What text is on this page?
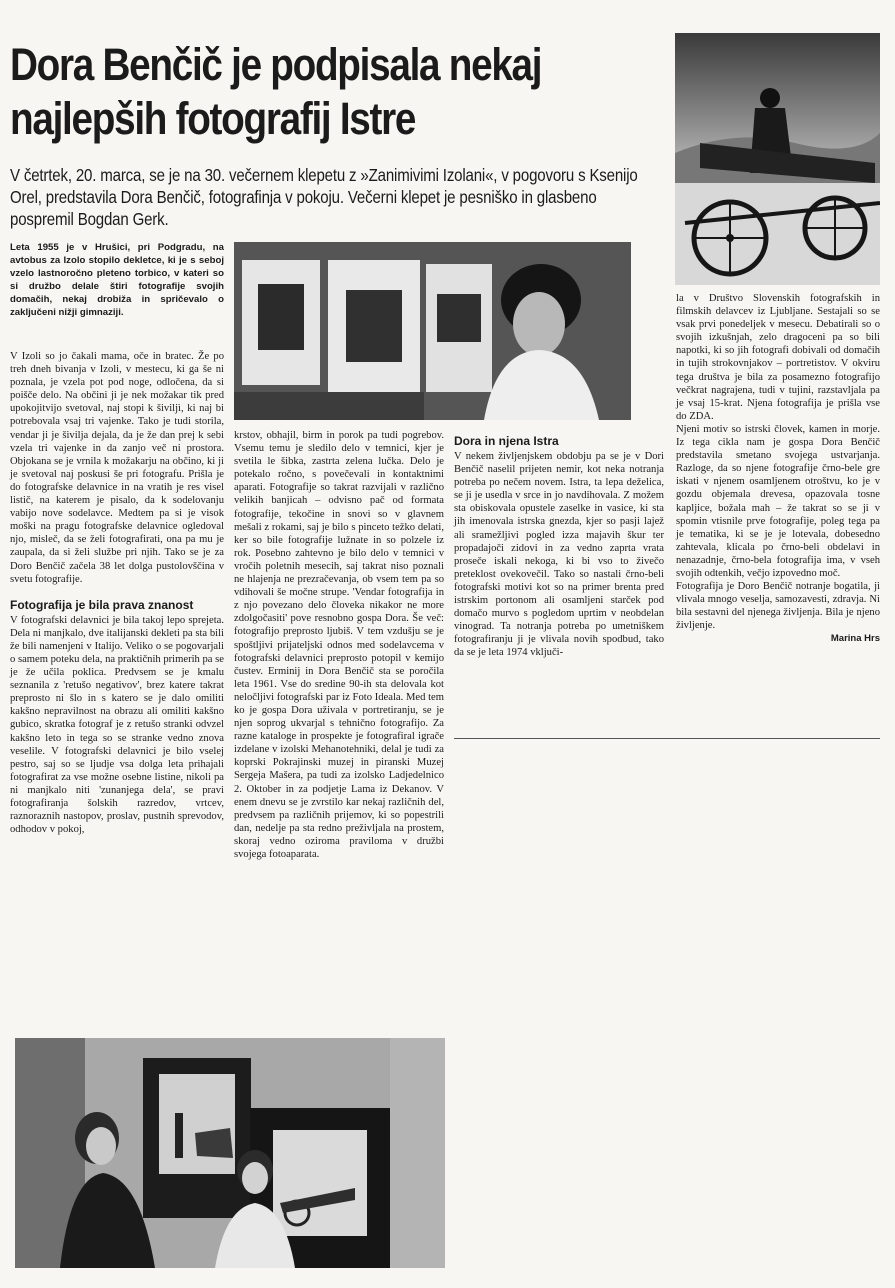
Dora Benčič je podpisala nekaj
najlepših fotografij Istre

V četrtek, 20. marca, se je na 30. večernem klepetu z »Zanimivimi Izolani«, v pogovoru s Ksenijo Orel, predstavila Dora Benčič, fotografinja v pokoju. Večerni klepet je pesniško in glasbeno pospremil Bogdan Gerk.

Leta 1955 je v Hrušici, pri Podgradu, na avtobus za Izolo stopilo dekletce, ki je s seboj vzelo lastnoročno pleteno torbico, v kateri so si družbo delale štiri fotografije svojih domačih, nekaj drobiža in spričevalo o zaključeni nižji gimnaziji.

V Izoli so jo čakali mama, oče in bratec. Že po treh dneh bivanja v Izoli, v mestecu, ki ga še ni poznala, je vzela pot pod noge, odločena, da si poišče delo. Na občini ji je nek možakar tik pred upokojitvijo svetoval, naj stopi k šiviljì, ki naj bi potrebovala vsaj tri vajenke. Tako je tudi storila, vendar ji je šivilja dejala, da je že dan prej k sebi vzela tri vajenke in da zanjo več ni prostora. Objokana se je vrnila k možakarju na občino, ki ji je svetoval naj poskusi še pri fotografu. Prišla je do fotografske delavnice in na vratih je res visel listič, na katerem je pisalo, da k sodelovanju vabijo nove sodelavce. Medtem pa si je visok moški na pragu fotografske delavnice ogledoval njo, misleč, da se želi fotografirati, ona pa mu je zaupala, da si želi službe pri njih. Tako se je za Doro Benčič začela 38 let dolga pustolovščina v svetu fotografije.

Fotografija je bila prava znanost

V fotografski delavnici je bila takoj lepo sprejeta. Dela ni manjkalo, dve italijanski dekleti pa sta bili že bili namenjeni v Italijo. Veliko o se pogovarjali o samem poteku dela, na praktičnih primerih pa se je že učila poklica. Predvsem se je kmalu seznanila z 'retušo negativov', brez katere takrat preprosto ni šlo in s katero se je dalo omiliti kakšno nepravilnost na obrazu ali omiliti kakšno gubico, skratka fotograf je z retušo stranki odvzel kakšno leto in tega so se stranke vedno znova veselile. V fotografski delavnici je bilo vselej pestro, saj so se ljudje vsa dolga leta prihajali fotografirat za vse možne osebne listine, nikoli pa ni manjkalo niti 'zunanjega dela', se pravi fotografiranja šolskih razredov, vrtcev, raznoraznih nastopov, proslav, pustnih sprevodov, odhodov v pokoj,

krstov, obhajil, birm in porok pa tudi pogrebov. Vsemu temu je sledilo delo v temnici, kjer je svetila le šibka, zastrta zelena lučka. Delo je potekalo ročno, s povečevali in kontaktnimi aparati. Fotografije so takrat razvijali v različno velikih banjicah – odvisno pač od formata fotografije, tekočine in snovi so v glavnem mešali z rokami, saj je bilo s pinceto težko delati, ker so bile fotografije lužnate in so polzele iz rok. Posebno zahtevno je bilo delo v temnici v vročih poletnih mesecih, saj takrat niso poznali ne hlajenja ne prezračevanja, ob vsem tem pa so vdihovali še močne strupe. 'Vendar fotografija in z njo povezano delo človeka nikakor ne more zdolgočasiti' pove resnobno gospa Dora. Še več: fotografijo preprosto ljubiš. V tem vzdušju se je spoštljivi prijateljski odnos med sodelavcema v fotografski delavnici preprosto potopil v kemijo čustev. Erminij in Dora Benčič sta se poročila leta 1961. Vse do sredine 90-ih sta delovala kot neločljivi fotografski par iz Foto Ideala. Med tem ko je gospa Dora uživala v portretiranju, se je njen soprog ukvarjal s tehnično fotografijo. Za razne kataloge in prospekte je fotografiral igrače izdelane v izolski Mehanotehniki, delal je tudi za koprski Pokrajinski muzej in piranski Muzej Sergeja Mašera, pa tudi za izolsko Ladjedelnico 2. Oktober in za podjetje Lama iz Dekanov. V enem dnevu se je zvrstilo kar nekaj različnih del, predvsem pa različnih prijemov, ki so popestrili dan, nedelje pa sta redno preživljala na prostem, skoraj vedno oziroma praviloma v družbi svojega fotoaparata.

Dora in njena Istra

V nekem življenjskem obdobju pa se je v Dori Benčič naselil prijeten nemir, kot neka notranja potreba po nečem novem. Istra, ta lepa deželica, se ji je usedla v srce in jo navdihovala. Z možem sta obiskovala opustele zaselke in vasice, ki sta jih imenovala istrska gnezda, kjer so pasji lajež ali sramežljivi pogled izza majavih škur ter propadajoči zidovi in za vedno zaprta vrata proseče iskali nekoga, ki bi vso to živečo preteklost ovekovečil. Tako so nastali črno-beli fotografski motivi kot so na primer brenta pred istrskim portonom ali osamljeni starček pod domačo murvo s pogledom uprtim v neobdelan vinograd. Ta notranja potreba po umetniškem fotografiranju ji je vlivala novih spodbud, tako da se je leta 1974 vključi-

la v Društvo Slovenskih fotografskih in filmskih delavcev iz Ljubljane. Sestajali so se vsak prvi ponedeljek v mesecu. Debatirali so o svojih izkušnjah, zelo dragoceni pa so bili napotki, ki so jih fotografi dobivali od domačih in tujih strokovnjakov – portretistov. V okviru tega društva je bila za posamezno fotografijo večkrat nagrajena, tudi v tujini, razstavljala pa je vsaj 15-krat. Njena fotografija je prišla vse do ZDA.

Njeni motiv so istrski človek, kamen in morje. Iz tega cikla nam je gospa Dora Benčič predstavila smetano svojega ustvarjanja. Razloge, da so njene fotografije črno-bele gre iskati v njenem osamljenem otroštvu, ko je v gozdu objemala drevesa, opazovala tosne kapljice, božala mah – že takrat so se ji v spomin vtisnile prve fotografije, poleg tega pa je tematika, ki se je je lotevala, dobesedno zahtevala, klicala po črno-beli obdelavi in nenazadnje, črno-bela fotografija ima, v vseh svojih odtenkih, večjo izpovedno moč.

Fotografija je Doro Benčič notranje bogatila, ji vlivala mnogo veselja, samozavesti, zdravja. Ni bila sestavni del njenega življenja. Bila je njeno življenje.

Marina Hrs
